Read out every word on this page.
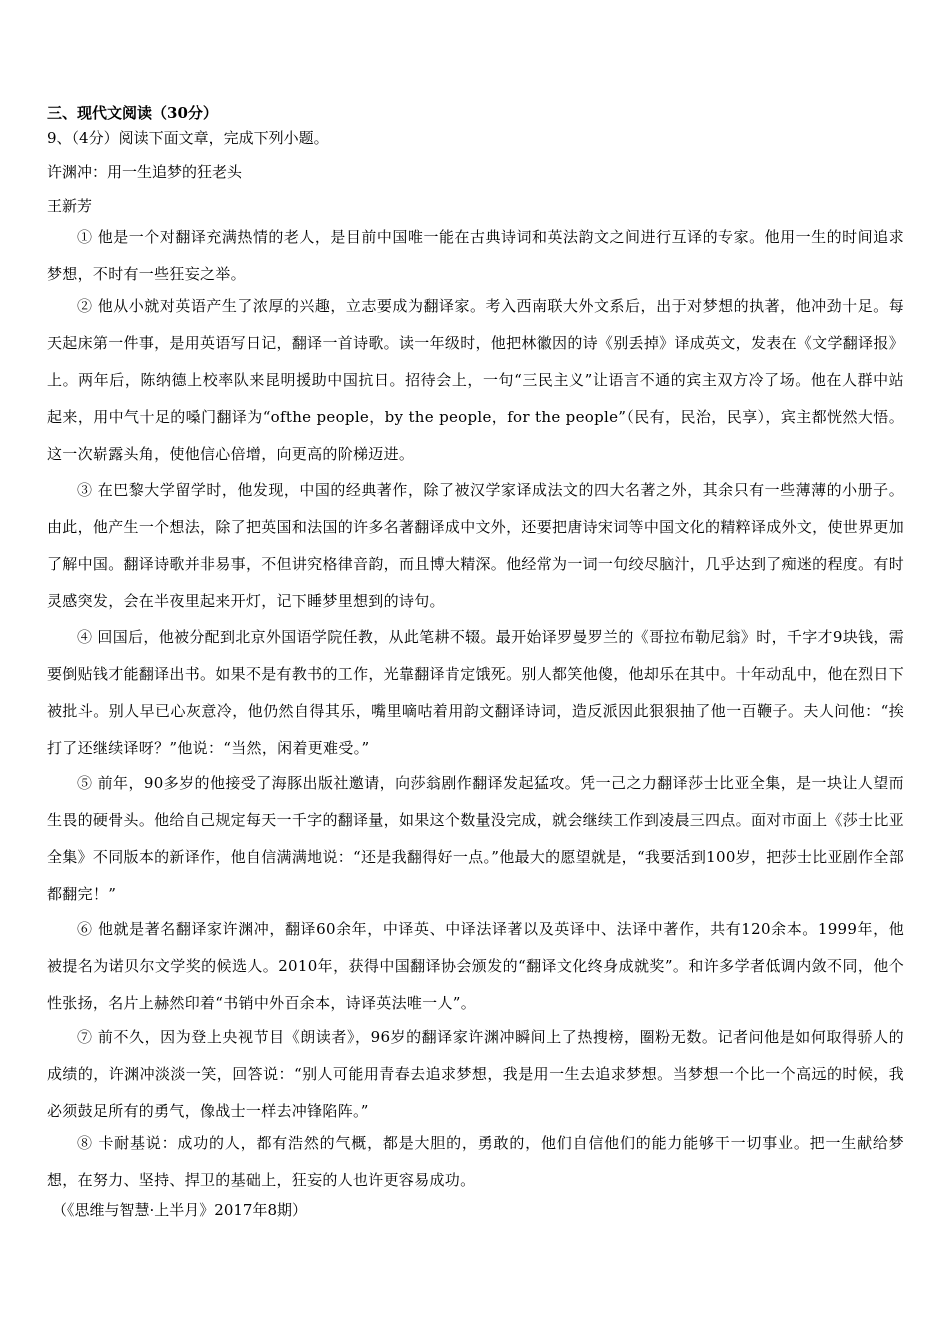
三、现代文阅读（30分）
9、（4分）阅读下面文章，完成下列小题。
许渊冲：用一生追梦的狂老头
王新芳
① 他是一个对翻译充满热情的老人，是目前中国唯一能在古典诗词和英法韵文之间进行互译的专家。他用一生的时间追求梦想，不时有一些狂妄之举。
② 他从小就对英语产生了浓厚的兴趣，立志要成为翻译家。考入西南联大外文系后，出于对梦想的执著，他冲劲十足。每天起床第一件事，是用英语写日记，翻译一首诗歌。读一年级时，他把林徽因的诗《别丢掉》译成英文，发表在《文学翻译报》上。两年后，陈纳德上校率队来昆明援助中国抗日。招待会上，一句“三民主义”让语言不通的宾主双方冷了场。他在人群中站起来，用中气十足的嗓门翻译为“ofthe people，by the people，for the people”（民有，民治，民享），宾主都恍然大悟。这一次崭露头角，使他信心倍增，向更高的阶梯迈进。
③ 在巴黎大学留学时，他发现，中国的经典著作，除了被汉学家译成法文的四大名著之外，其余只有一些薄薄的小册子。由此，他产生一个想法，除了把英国和法国的许多名著翻译成中文外，还要把唐诗宋词等中国文化的精粹译成外文，使世界更加了解中国。翻译诗歌并非易事，不但讲究格律音韵，而且博大精深。他经常为一词一句绞尽脑汁，几乎达到了痴迷的程度。有时灵感突发，会在半夜里起来开灯，记下睡梦里想到的诗句。
④ 回国后，他被分配到北京外国语学院任教，从此笔耕不辍。最开始译罗曼罗兰的《哥拉布勒尼翁》时，千字才9块钱，需要倒贴钱才能翻译出书。如果不是有教书的工作，光靠翻译肯定饿死。别人都笑他傻，他却乐在其中。十年动乱中，他在烈日下被批斗。别人早已心灰意冷，他仍然自得其乐，嘴里嘀咕着用韵文翻译诗词，造反派因此狠狠抽了他一百鞭子。夫人问他：“挨打了还继续译呀？”他说：“当然，闲着更难受。”
⑤ 前年，90多岁的他接受了海豚出版社邀请，向莎翁剧作翻译发起猛攻。凭一己之力翻译莎士比亚全集，是一块让人望而生畏的硬骨头。他给自己规定每天一千字的翻译量，如果这个数量没完成，就会继续工作到凌晨三四点。面对市面上《莎士比亚全集》不同版本的新译作，他自信满满地说：“还是我翻得好一点。”他最大的愿望就是，“我要活到100岁，把莎士比亚剧作全部都翻完！”
⑥ 他就是著名翻译家许渊冲，翻译60余年，中译英、中译法译著以及英译中、法译中著作，共有120余本。1999年，他被提名为诺贝尔文学奖的候选人。2010年，获得中国翻译协会颁发的“翻译文化终身成就奖”。和许多学者低调内敛不同，他个性张扬，名片上赫然印着“书销中外百余本，诗译英法唯一人”。
⑦ 前不久，因为登上央视节目《朗读者》，96岁的翻译家许渊冲瞬间上了热搜榜，圈粉无数。记者问他是如何取得骄人的成绩的，许渊冲淡淡一笑，回答说：“别人可能用青春去追求梦想，我是用一生去追求梦想。当梦想一个比一个高远的时候，我必须鼓足所有的勇气，像战士一样去冲锋陷阵。”
⑧ 卡耐基说：成功的人，都有浩然的气概，都是大胆的，勇敢的，他们自信他们的能力能够干一切事业。把一生献给梦想，在努力、坚持、捍卫的基础上，狂妄的人也许更容易成功。
（《思维与智慧·上半月》2017年8期）
